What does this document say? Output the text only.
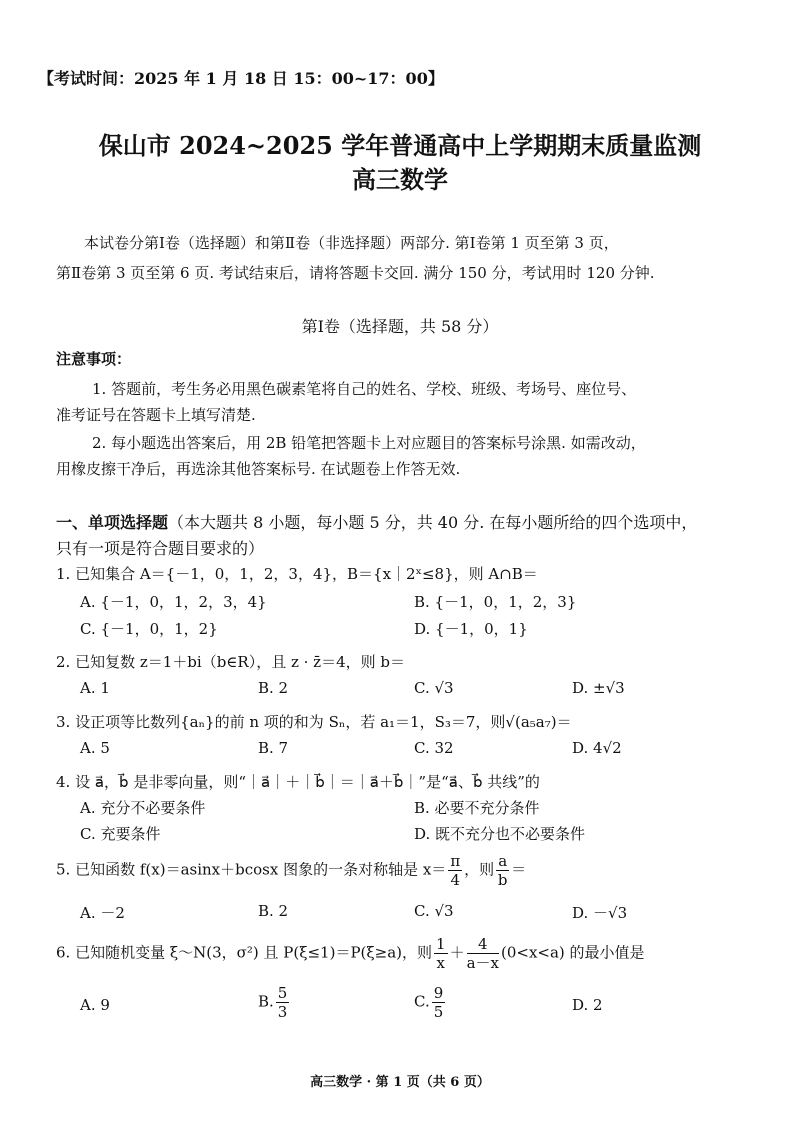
【考试时间：2025 年 1 月 18 日 15：00~17：00】
保山市 2024~2025 学年普通高中上学期期末质量监测
高三数学
本试卷分第Ⅰ卷（选择题）和第Ⅱ卷（非选择题）两部分. 第Ⅰ卷第 1 页至第 3 页，
第Ⅱ卷第 3 页至第 6 页. 考试结束后，请将答题卡交回. 满分 150 分，考试用时 120 分钟.
第Ⅰ卷（选择题，共 58 分）
注意事项：
1. 答题前，考生务必用黑色碳素笔将自己的姓名、学校、班级、考场号、座位号、
准考证号在答题卡上填写清楚.
2. 每小题选出答案后，用 2B 铅笔把答题卡上对应题目的答案标号涂黑. 如需改动，
用橡皮擦干净后，再选涂其他答案标号. 在试题卷上作答无效.
一、单项选择题（本大题共 8 小题，每小题 5 分，共 40 分. 在每小题所给的四个选项中，
只有一项是符合题目要求的）
1. 已知集合 A＝{－1，0，1，2，3，4}，B＝{x｜2ˣ≤8}，则 A∩B＝
A. {－1，0，1，2，3，4}	B. {－1，0，1，2，3}
C. {－1，0，1，2}	D. {－1，0，1}
2. 已知复数 z＝1＋bi（b∈R），且 z · z̄＝4，则 b＝
A. 1	B. 2	C. √3	D. ±√3
3. 设正项等比数列{aₙ}的前 n 项的和为 Sₙ，若 a₁＝1，S₃＝7，则√(a₅a₇)＝
A. 5	B. 7	C. 32	D. 4√2
4. 设 a⃗，b⃗ 是非零向量，则“｜a⃗｜＋｜b⃗｜＝｜a⃗＋b⃗｜”是“a⃗、b⃗ 共线”的
A. 充分不必要条件	B. 必要不充分条件
C. 充要条件	D. 既不充分也不必要条件
5. 已知函数 f(x)＝asinx＋bcosx 图象的一条对称轴是 $x= \frac{\pi}{4}$ ，则 $\frac{a}{b}$ ＝
A. －2	B. 2	C. √3	D. －√3
6. 已知随机变量 ξ～N(3，σ²) 且 P(ξ≤1)＝P(ξ≥a)，则 $\frac{1}{x} + \frac{4}{a-x} (0<x<a)$ 的最小值是
A. 9	B. $\frac{5}{3}$	C. $\frac{9}{5}$	D. 2
高三数学 · 第 1 页（共 6 页）
